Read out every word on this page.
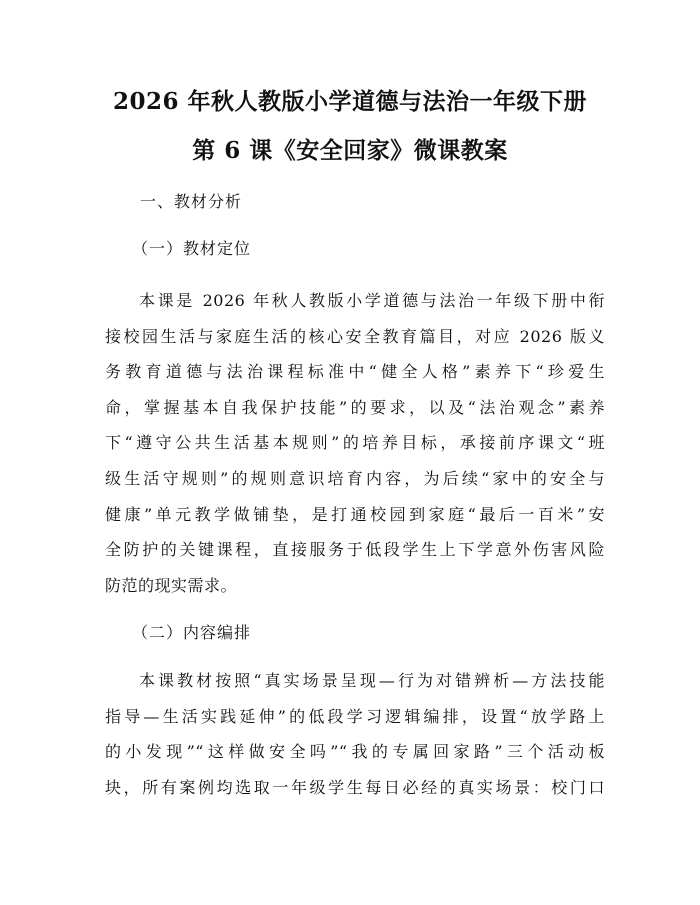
2026 年秋人教版小学道德与法治一年级下册
第 6 课《安全回家》微课教案
一、教材分析
（一）教材定位
本课是 2026 年秋人教版小学道德与法治一年级下册中衔
接校园生活与家庭生活的核心安全教育篇目，对应 2026 版义
务教育道德与法治课程标准中“健全人格”素养下“珍爱生
命，掌握基本自我保护技能”的要求，以及“法治观念”素养
下“遵守公共生活基本规则”的培养目标，承接前序课文“班
级生活守规则”的规则意识培育内容，为后续“家中的安全与
健康”单元教学做铺垫，是打通校园到家庭“最后一百米”安
全防护的关键课程，直接服务于低段学生上下学意外伤害风险
防范的现实需求。
（二）内容编排
本课教材按照“真实场景呈现—行为对错辨析—方法技能
指导—生活实践延伸”的低段学习逻辑编排，设置“放学路上
的小发现”“这样做安全吗”“我的专属回家路”三个活动板
块，所有案例均选取一年级学生每日必经的真实场景：校门口
